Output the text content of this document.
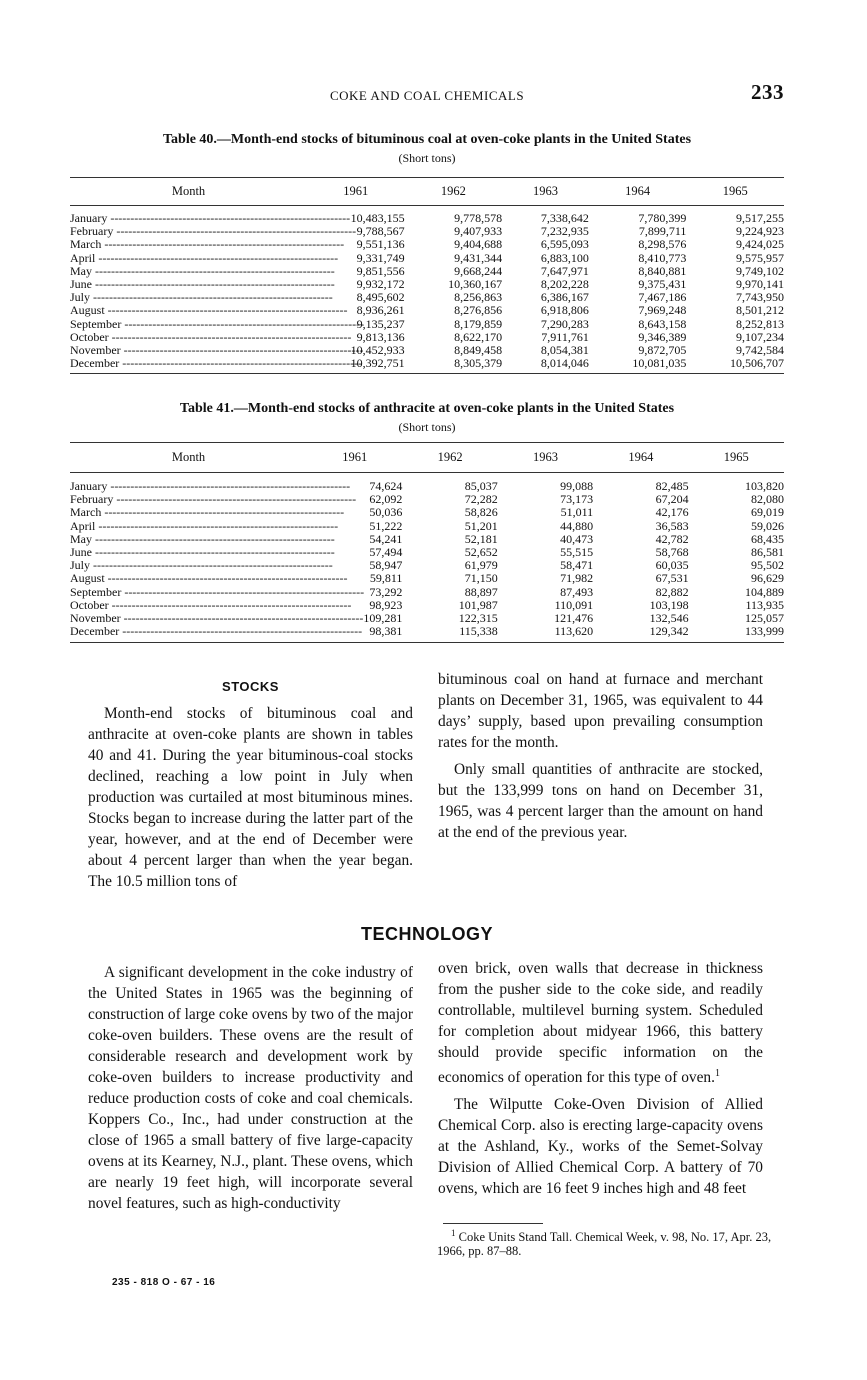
COKE AND COAL CHEMICALS	233
Table 40.—Month-end stocks of bituminous coal at oven-coke plants in the United States
(Short tons)
Month	1961	1962	1963	1964	1965
January ------------------------------------------------------------	10,483,155	9,778,578	7,338,642	7,780,399	9,517,255
February ------------------------------------------------------------	9,788,567	9,407,933	7,232,935	7,899,711	9,224,923
March ------------------------------------------------------------	9,551,136	9,404,688	6,595,093	8,298,576	9,424,025
April ------------------------------------------------------------	9,331,749	9,431,344	6,883,100	8,410,773	9,575,957
May ------------------------------------------------------------	9,851,556	9,668,244	7,647,971	8,840,881	9,749,102
June ------------------------------------------------------------	9,932,172	10,360,167	8,202,228	9,375,431	9,970,141
July ------------------------------------------------------------	8,495,602	8,256,863	6,386,167	7,467,186	7,743,950
August ------------------------------------------------------------	8,936,261	8,276,856	6,918,806	7,969,248	8,501,212
September ------------------------------------------------------------	9,135,237	8,179,859	7,290,283	8,643,158	8,252,813
October ------------------------------------------------------------	9,813,136	8,622,170	7,911,761	9,346,389	9,107,234
November ------------------------------------------------------------	10,452,933	8,849,458	8,054,381	9,872,705	9,742,584
December ------------------------------------------------------------	10,392,751	8,305,379	8,014,046	10,081,035	10,506,707
Table 41.—Month-end stocks of anthracite at oven-coke plants in the United States
(Short tons)
Month	1961	1962	1963	1964	1965
January ------------------------------------------------------------	74,624	85,037	99,088	82,485	103,820
February ------------------------------------------------------------	62,092	72,282	73,173	67,204	82,080
March ------------------------------------------------------------	50,036	58,826	51,011	42,176	69,019
April ------------------------------------------------------------	51,222	51,201	44,880	36,583	59,026
May ------------------------------------------------------------	54,241	52,181	40,473	42,782	68,435
June ------------------------------------------------------------	57,494	52,652	55,515	58,768	86,581
July ------------------------------------------------------------	58,947	61,979	58,471	60,035	95,502
August ------------------------------------------------------------	59,811	71,150	71,982	67,531	96,629
September ------------------------------------------------------------	73,292	88,897	87,493	82,882	104,889
October ------------------------------------------------------------	98,923	101,987	110,091	103,198	113,935
November ------------------------------------------------------------	109,281	122,315	121,476	132,546	125,057
December ------------------------------------------------------------	98,381	115,338	113,620	129,342	133,999
STOCKS

Month-end stocks of bituminous coal and anthracite at oven-coke plants are shown in tables 40 and 41. During the year bituminous-coal stocks declined, reaching a low point in July when production was curtailed at most bituminous mines. Stocks began to increase during the latter part of the year, however, and at the end of December were about 4 percent larger than when the year began. The 10.5 million tons of

bituminous coal on hand at furnace and merchant plants on December 31, 1965, was equivalent to 44 days’ supply, based upon prevailing consumption rates for the month.

Only small quantities of anthracite are stocked, but the 133,999 tons on hand on December 31, 1965, was 4 percent larger than the amount on hand at the end of the previous year.

TECHNOLOGY

A significant development in the coke industry of the United States in 1965 was the beginning of construction of large coke ovens by two of the major coke-oven builders. These ovens are the result of considerable research and development work by coke-oven builders to increase productivity and reduce production costs of coke and coal chemicals. Koppers Co., Inc., had under construction at the close of 1965 a small battery of five large-capacity ovens at its Kearney, N.J., plant. These ovens, which are nearly 19 feet high, will incorporate several novel features, such as high-conductivity

oven brick, oven walls that decrease in thickness from the pusher side to the coke side, and readily controllable, multilevel burning system. Scheduled for completion about midyear 1966, this battery should provide specific information on the economics of operation for this type of oven.$^1$

The Wilputte Coke-Oven Division of Allied Chemical Corp. also is erecting large-capacity ovens at the Ashland, Ky., works of the Semet-Solvay Division of Allied Chemical Corp. A battery of 70 ovens, which are 16 feet 9 inches high and 48 feet

$^1$ Coke Units Stand Tall. Chemical Week, v. 98, No. 17, Apr. 23, 1966, pp. 87–88.
235 - 818 O - 67 - 16
